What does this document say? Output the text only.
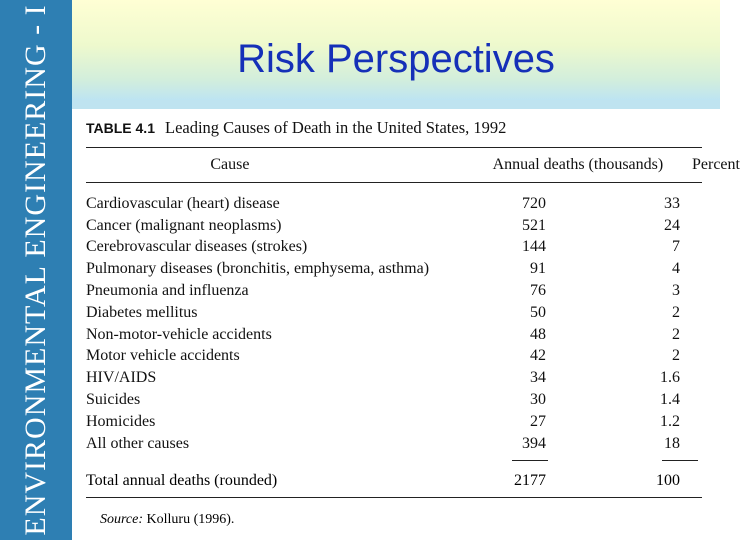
ENVIRONMENTAL ENGINEERING - I	Risk Perspectives
TABLE 4.1 Leading Causes of Death in the United States, 1992
Cause	Annual deaths (thousands)	Percent
Cardiovascular (heart) disease	720	33
Cancer (malignant neoplasms)	521	24
Cerebrovascular diseases (strokes)	144	7
Pulmonary diseases (bronchitis, emphysema, asthma)	91	4
Pneumonia and influenza	76	3
Diabetes mellitus	50	2
Non-motor-vehicle accidents	48	2
Motor vehicle accidents	42	2
HIV/AIDS	34	1.6
Suicides	30	1.4
Homicides	27	1.2
All other causes	394	18
Total annual deaths (rounded)	2177	100
Source: Kolluru (1996).
